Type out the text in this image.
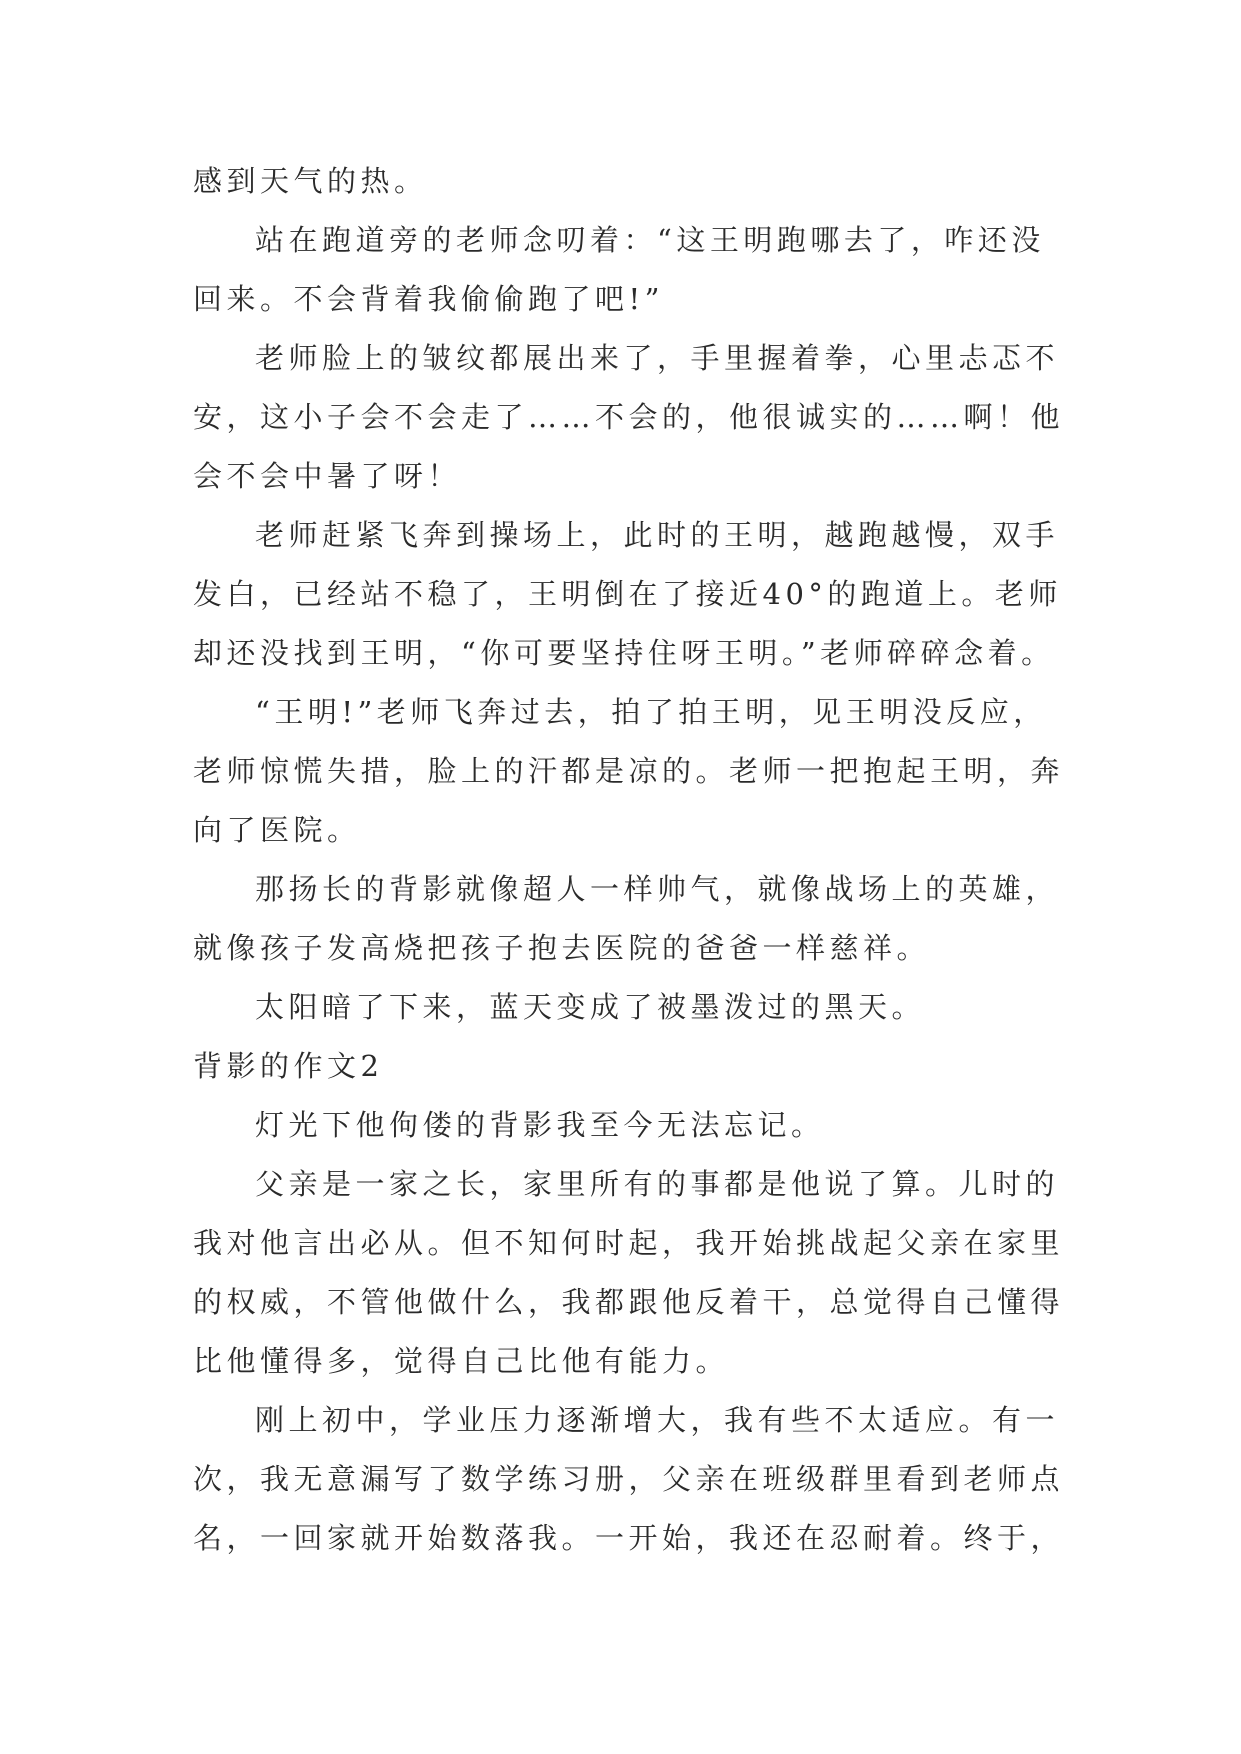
感到天气的热。

站在跑道旁的老师念叨着：“这王明跑哪去了，咋还没回来。不会背着我偷偷跑了吧!”

老师脸上的皱纹都展出来了，手里握着拳，心里忐忑不安，这小子会不会走了……不会的，他很诚实的……啊！他会不会中暑了呀！

老师赶紧飞奔到操场上，此时的王明，越跑越慢，双手发白，已经站不稳了，王明倒在了接近40°的跑道上。老师却还没找到王明，“你可要坚持住呀王明。”老师碎碎念着。

“王明!”老师飞奔过去，拍了拍王明，见王明没反应，老师惊慌失措，脸上的汗都是凉的。老师一把抱起王明，奔向了医院。

那扬长的背影就像超人一样帅气，就像战场上的英雄，就像孩子发高烧把孩子抱去医院的爸爸一样慈祥。

太阳暗了下来，蓝天变成了被墨泼过的黑天。

背影的作文2

灯光下他佝偻的背影我至今无法忘记。

父亲是一家之长，家里所有的事都是他说了算。儿时的我对他言出必从。但不知何时起，我开始挑战起父亲在家里的权威，不管他做什么，我都跟他反着干，总觉得自己懂得比他懂得多，觉得自己比他有能力。

刚上初中，学业压力逐渐增大，我有些不太适应。有一次，我无意漏写了数学练习册，父亲在班级群里看到老师点名，一回家就开始数落我。一开始，我还在忍耐着。终于，
